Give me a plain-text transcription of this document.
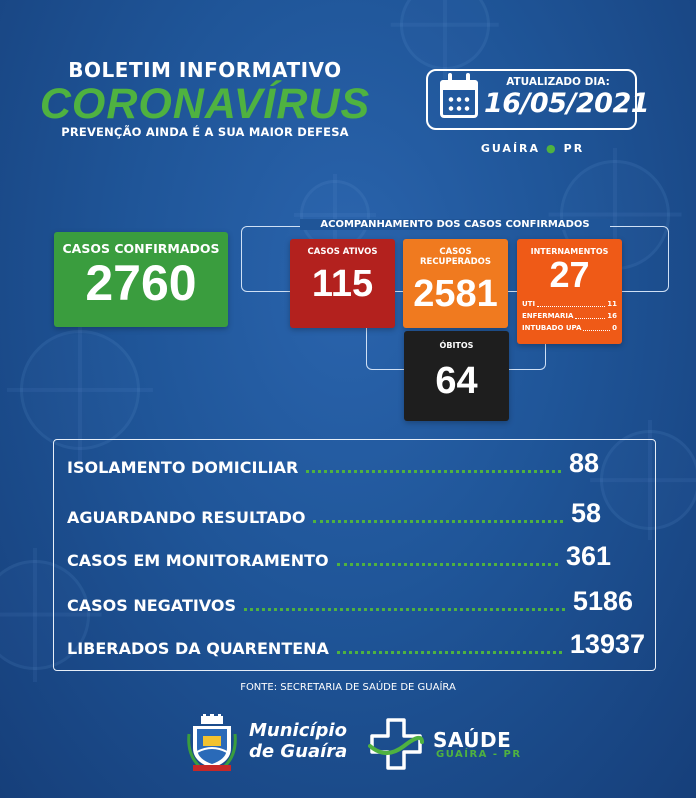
BOLETIM INFORMATIVO
CORONAVÍRUS
PREVENÇÃO AINDA É A SUA MAIOR DEFESA
ATUALIZADO DIA:
16/05/2021
GUAÍRA ● PR
ACOMPANHAMENTO DOS CASOS CONFIRMADOS
CASOS CONFIRMADOS
2760
CASOS ATIVOS
115
CASOS RECUPERADOS
2581
INTERNAMENTOS
27
UTI	11
ENFERMARIA	16
INTUBADO UPA	0
ÓBITOS
64
ISOLAMENTO DOMICILIAR	88
AGUARDANDO RESULTADO	58
CASOS EM MONITORAMENTO	361
CASOS NEGATIVOS	5186
LIBERADOS DA QUARENTENA	13937
FONTE: SECRETARIA DE SAÚDE DE GUAÍRA
Município
de Guaíra	SAÚDE
GUAÍRA - PR
